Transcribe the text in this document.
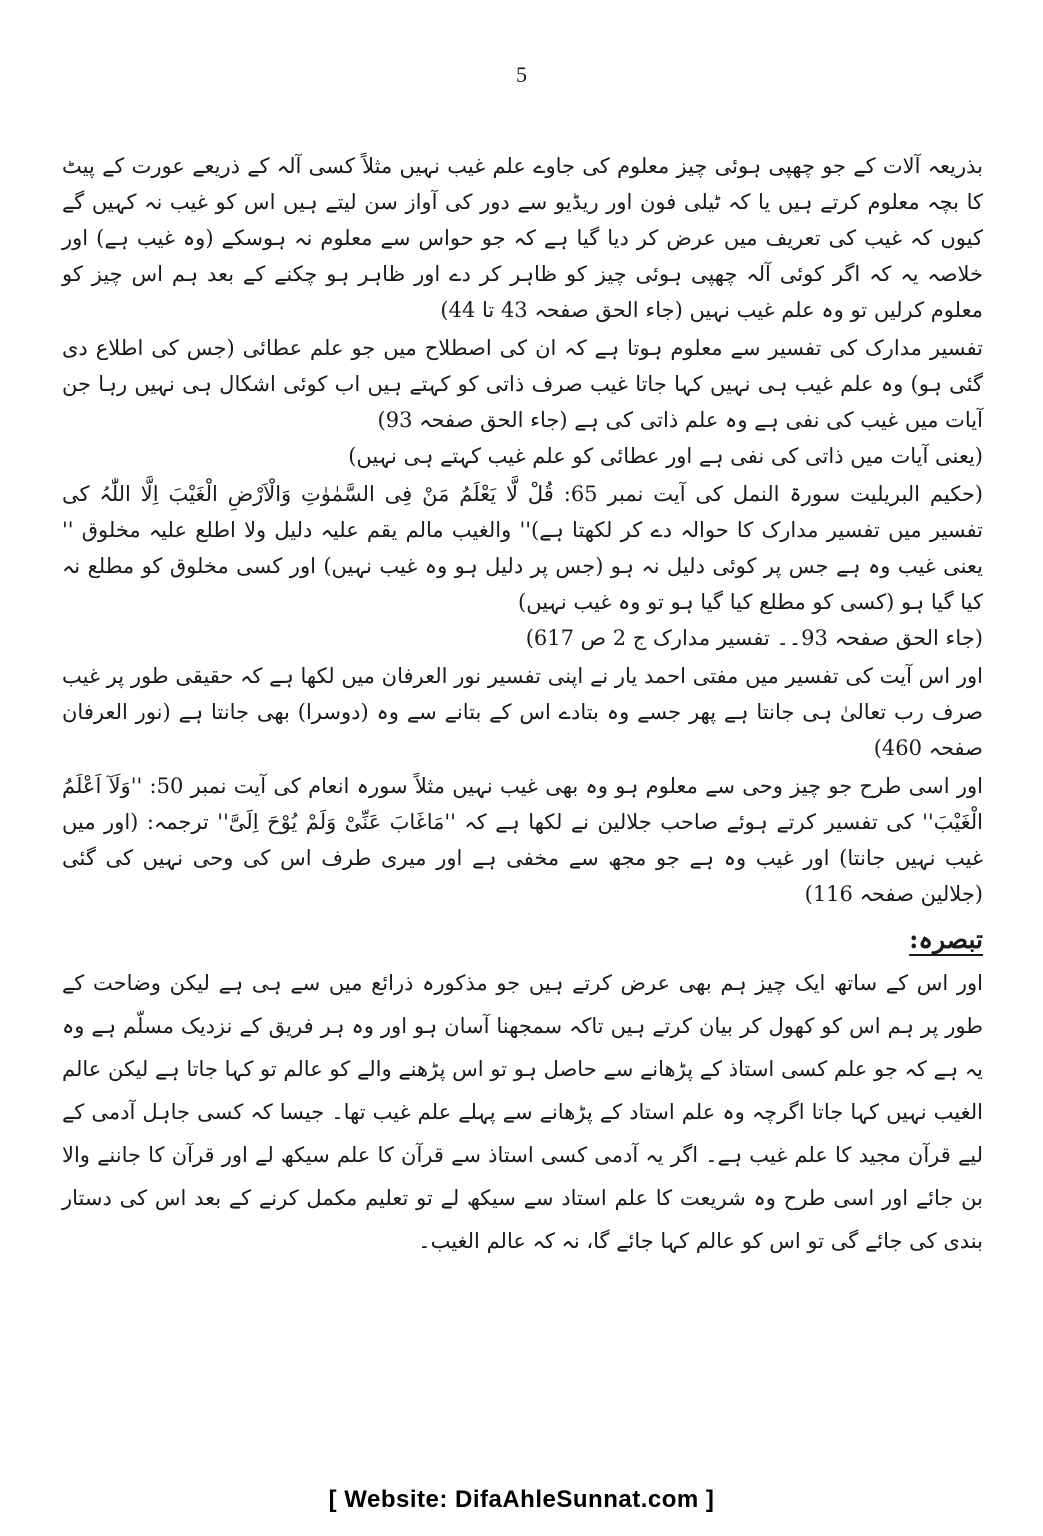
5

بذریعہ آلات کے جو چھپی ہوئی چیز معلوم کی جاوے علم غیب نہیں مثلاً کسی آلہ کے ذریعے عورت کے پیٹ کا بچہ معلوم کرتے ہیں یا کہ ٹیلی فون اور ریڈیو سے دور کی آواز سن لیتے ہیں اس کو غیب نہ کہیں گے کیوں کہ غیب کی تعریف میں عرض کر دیا گیا ہے کہ جو حواس سے معلوم نہ ہوسکے (وہ غیب ہے) اور خلاصہ یہ کہ اگر کوئی آلہ چھپی ہوئی چیز کو ظاہر کر دے اور ظاہر ہو چکنے کے بعد ہم اس چیز کو معلوم کرلیں تو وہ علم غیب نہیں (جاء الحق صفحہ 43 تا 44)

تفسیر مدارک کی تفسیر سے معلوم ہوتا ہے کہ ان کی اصطلاح میں جو علم عطائی (جس کی اطلاع دی گئی ہو) وہ علم غیب ہی نہیں کہا جاتا غیب صرف ذاتی کو کہتے ہیں اب کوئی اشکال ہی نہیں رہا جن آیات میں غیب کی نفی ہے وہ علم ذاتی کی ہے (جاء الحق صفحہ 93)

(یعنی آیات میں ذاتی کی نفی ہے اور عطائی کو علم غیب کہتے ہی نہیں)

(حکیم البریلیت سورۃ النمل کی آیت نمبر 65: قُلْ لَّا یَعْلَمُ مَنْ فِی السَّمٰوٰتِ وَالْاَرْضِ الْغَیْبَ اِلَّا اللّٰہُ کی تفسیر میں تفسیر مدارک کا حوالہ دے کر لکھتا ہے)'' والغیب مالم یقم علیہ دلیل ولا اطلع علیہ مخلوق '' یعنی غیب وہ ہے جس پر کوئی دلیل نہ ہو (جس پر دلیل ہو وہ غیب نہیں) اور کسی مخلوق کو مطلع نہ کیا گیا ہو (کسی کو مطلع کیا گیا ہو تو وہ غیب نہیں)

(جاء الحق صفحہ 93۔۔ تفسیر مدارک ج 2 ص 617)

اور اس آیت کی تفسیر میں مفتی احمد یار نے اپنی تفسیر نور العرفان میں لکھا ہے کہ حقیقی طور پر غیب صرف رب تعالیٰ ہی جانتا ہے پھر جسے وہ بتادے اس کے بتانے سے وہ (دوسرا) بھی جانتا ہے (نور العرفان صفحہ 460)

اور اسی طرح جو چیز وحی سے معلوم ہو وہ بھی غیب نہیں مثلاً سورہ انعام کی آیت نمبر 50: ''وَلَآ اَعْلَمُ الْغَیْبَ'' کی تفسیر کرتے ہوئے صاحب جلالین نے لکھا ہے کہ ''مَاغَابَ عَنِّیْ وَلَمْ یُوْحَ اِلَیَّ'' ترجمہ: (اور میں غیب نہیں جانتا) اور غیب وہ ہے جو مجھ سے مخفی ہے اور میری طرف اس کی وحی نہیں کی گئی (جلالین صفحہ 116)

تبصرہ:

اور اس کے ساتھ ایک چیز ہم بھی عرض کرتے ہیں جو مذکورہ ذرائع میں سے ہی ہے لیکن وضاحت کے طور پر ہم اس کو کھول کر بیان کرتے ہیں تاکہ سمجھنا آسان ہو اور وہ ہر فریق کے نزدیک مسلّم ہے وہ یہ ہے کہ جو علم کسی استاذ کے پڑھانے سے حاصل ہو تو اس پڑھنے والے کو عالم تو کہا جاتا ہے لیکن عالم الغیب نہیں کہا جاتا اگرچہ وہ علم استاد کے پڑھانے سے پہلے علم غیب تھا۔ جیسا کہ کسی جاہل آدمی کے لیے قرآن مجید کا علم غیب ہے۔ اگر یہ آدمی کسی استاذ سے قرآن کا علم سیکھ لے اور قرآن کا جاننے والا بن جائے اور اسی طرح وہ شریعت کا علم استاد سے سیکھ لے تو تعلیم مکمل کرنے کے بعد اس کی دستار بندی کی جائے گی تو اس کو عالم کہا جائے گا، نہ کہ عالم الغیب۔

[ Website: DifaAhleSunnat.com ]
